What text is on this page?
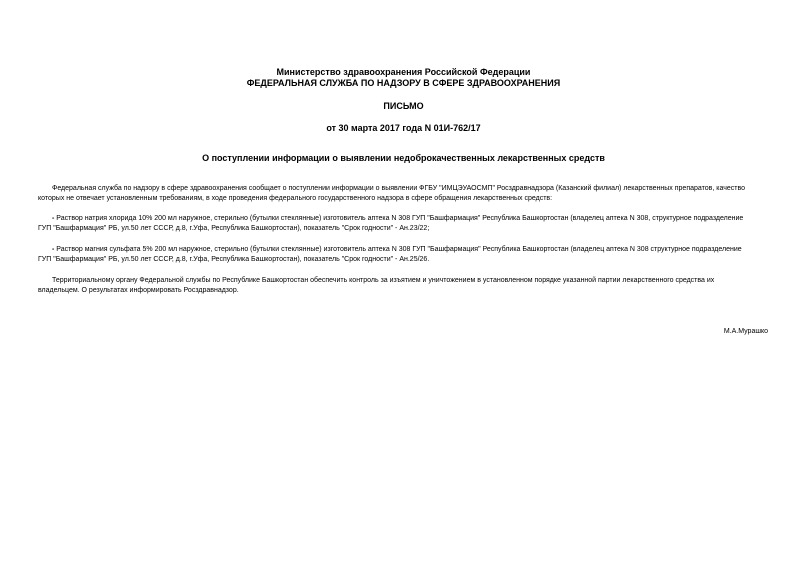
Министерство здравоохранения Российской Федерации
ФЕДЕРАЛЬНАЯ СЛУЖБА ПО НАДЗОРУ В СФЕРЕ ЗДРАВООХРАНЕНИЯ
ПИСЬМО
от 30 марта 2017 года N 01И-762/17
О поступлении информации о выявлении недоброкачественных лекарственных средств
Федеральная служба по надзору в сфере здравоохранения сообщает о поступлении информации о выявлении ФГБУ "ИМЦЭУАОСМП" Росздравнадзора (Казанский филиал) лекарственных препаратов, качество
которых не отвечает установленным требованиям, в ходе проведения федерального государственного надзора в сфере обращения лекарственных средств:
- Раствор натрия хлорида 10% 200 мл наружное, стерильно (бутылки стеклянные) изготовитель аптека N 308 ГУП "Башфармация" Республика Башкортостан (владелец аптека N 308, структурное подразделение
ГУП "Башфармация" РБ, ул.50 лет СССР, д.8, г.Уфа, Республика Башкортостан), показатель "Срок годности" - Ан.23/22;
- Раствор магния сульфата 5% 200 мл наружное, стерильно (бутылки стеклянные) изготовитель аптека N 308 ГУП "Башфармация" Республика Башкортостан (владелец аптека N 308 структурное подразделение
ГУП "Башфармация" РБ, ул.50 лет СССР, д.8, г.Уфа, Республика Башкортостан), показатель "Срок годности" - Ан.25/26.
Территориальному органу Федеральной службы по Республике Башкортостан обеспечить контроль за изъятием и уничтожением в установленном порядке указанной партии лекарственного средства их
владельцем. О результатах информировать Росздравнадзор.
М.А.Мурашко
